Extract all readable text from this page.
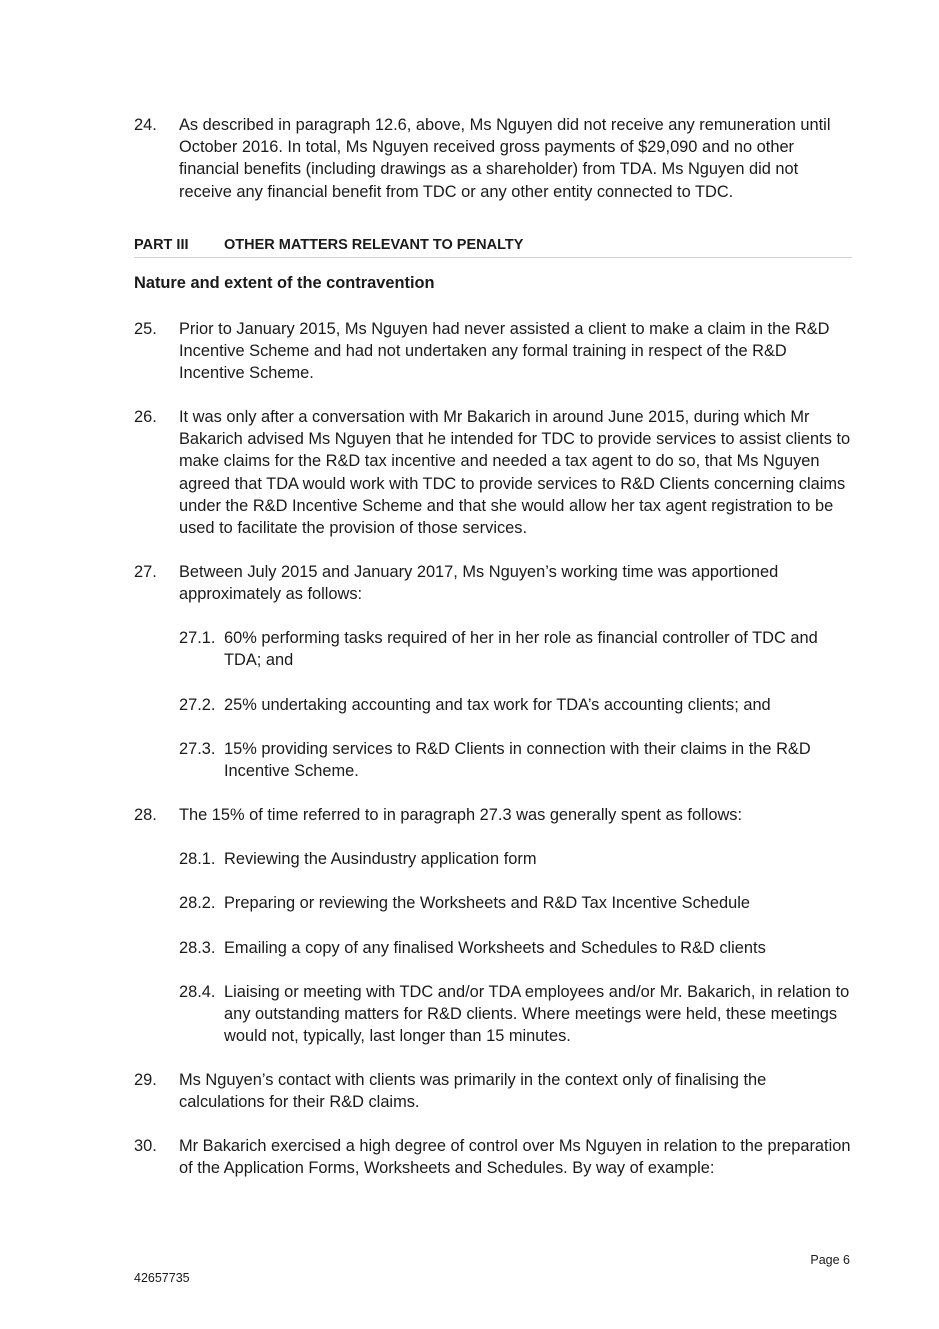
24. As described in paragraph 12.6, above, Ms Nguyen did not receive any remuneration until October 2016. In total, Ms Nguyen received gross payments of $29,090 and no other financial benefits (including drawings as a shareholder) from TDA. Ms Nguyen did not receive any financial benefit from TDC or any other entity connected to TDC.
PART III OTHER MATTERS RELEVANT TO PENALTY
Nature and extent of the contravention
25. Prior to January 2015, Ms Nguyen had never assisted a client to make a claim in the R&D Incentive Scheme and had not undertaken any formal training in respect of the R&D Incentive Scheme.
26. It was only after a conversation with Mr Bakarich in around June 2015, during which Mr Bakarich advised Ms Nguyen that he intended for TDC to provide services to assist clients to make claims for the R&D tax incentive and needed a tax agent to do so, that Ms Nguyen agreed that TDA would work with TDC to provide services to R&D Clients concerning claims under the R&D Incentive Scheme and that she would allow her tax agent registration to be used to facilitate the provision of those services.
27. Between July 2015 and January 2017, Ms Nguyen’s working time was apportioned approximately as follows:
27.1. 60% performing tasks required of her in her role as financial controller of TDC and TDA; and
27.2. 25% undertaking accounting and tax work for TDA’s accounting clients; and
27.3. 15% providing services to R&D Clients in connection with their claims in the R&D Incentive Scheme.
28. The 15% of time referred to in paragraph 27.3 was generally spent as follows:
28.1. Reviewing the Ausindustry application form
28.2. Preparing or reviewing the Worksheets and R&D Tax Incentive Schedule
28.3. Emailing a copy of any finalised Worksheets and Schedules to R&D clients
28.4. Liaising or meeting with TDC and/or TDA employees and/or Mr. Bakarich, in relation to any outstanding matters for R&D clients. Where meetings were held, these meetings would not, typically, last longer than 15 minutes.
29. Ms Nguyen’s contact with clients was primarily in the context only of finalising the calculations for their R&D claims.
30. Mr Bakarich exercised a high degree of control over Ms Nguyen in relation to the preparation of the Application Forms, Worksheets and Schedules. By way of example:
Page 6
42657735
